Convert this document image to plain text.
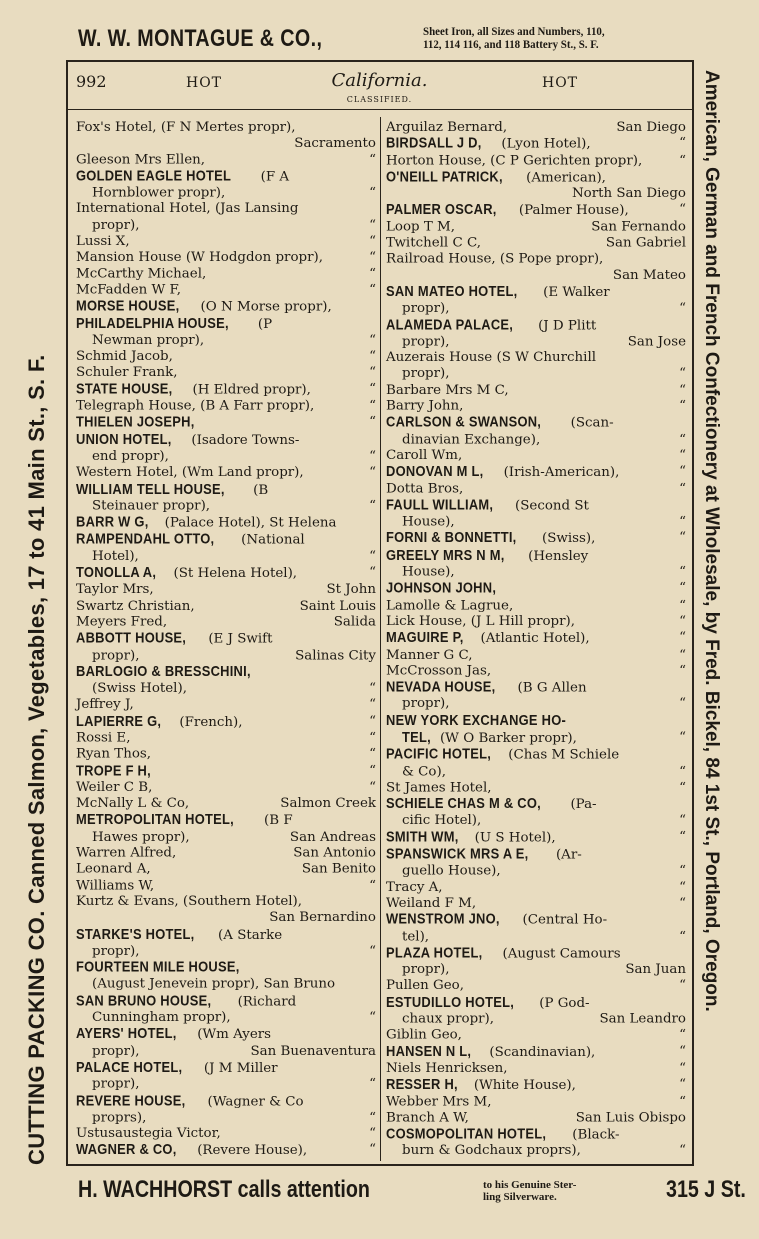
W. W. MONTAGUE & CO.,	Sheet Iron, all Sizes and Numbers, 110,
112, 114 116, and 118 Battery St., S. F.
CUTTING PACKING CO. Canned Salmon, Vegetables, 17 to 41 Main St., S. F.	American, German and French Confectionery at Wholesale, by Fred. Bickel, 84 1st St., Portland, Oregon.
992	HOT	California.	HOT
CLASSIFIED.
Fox's Hotel, (F N Mertes propr),
Sacramento
Gleeson Mrs Ellen,	“
GOLDEN EAGLE HOTEL (F A
Hornblower propr),	“
International Hotel, (Jas Lansing
propr),	“
Lussi X,	“
Mansion House (W Hodgdon propr),	“
McCarthy Michael,	“
McFadden W F,	“
MORSE HOUSE, (O N Morse propr),
PHILADELPHIA HOUSE, (P
Newman propr),	“
Schmid Jacob,	“
Schuler Frank,	“
STATE HOUSE, (H Eldred propr),	“
Telegraph House, (B A Farr propr),	“
THIELEN JOSEPH,	“
UNION HOTEL, (Isadore Towns-
end propr),	“
Western Hotel, (Wm Land propr),	“
WILLIAM TELL HOUSE, (B
Steinauer propr),	“
BARR W G, (Palace Hotel), St Helena
RAMPENDAHL OTTO, (National
Hotel),	“
TONOLLA A, (St Helena Hotel),	“
Taylor Mrs,	St John
Swartz Christian,	Saint Louis
Meyers Fred,	Salida
ABBOTT HOUSE, (E J Swift
propr),	Salinas City
BARLOGIO & BRESSCHINI,
(Swiss Hotel),	“
Jeffrey J,	“
LAPIERRE G, (French),	“
Rossi E,	“
Ryan Thos,	“
TROPE F H,	“
Weiler C B,	“
McNally L & Co,	Salmon Creek
METROPOLITAN HOTEL, (B F
Hawes propr),	San Andreas
Warren Alfred,	San Antonio
Leonard A,	San Benito
Williams W,	“
Kurtz & Evans, (Southern Hotel),
San Bernardino
STARKE'S HOTEL, (A Starke
propr),	“
FOURTEEN MILE HOUSE,
(August Jenevein propr), San Bruno
SAN BRUNO HOUSE, (Richard
Cunningham propr),	“
AYERS' HOTEL, (Wm Ayers
propr),	San Buenaventura
PALACE HOTEL, (J M Miller
propr),	“
REVERE HOUSE, (Wagner & Co
proprs),	“
Ustusaustegia Victor,	“
WAGNER & CO, (Revere House),	“
Arguilaz Bernard,	San Diego
BIRDSALL J D, (Lyon Hotel),	“
Horton House, (C P Gerichten propr),	“
O'NEILL PATRICK, (American),
North San Diego
PALMER OSCAR, (Palmer House),	“
Loop T M,	San Fernando
Twitchell C C,	San Gabriel
Railroad House, (S Pope propr),
San Mateo
SAN MATEO HOTEL, (E Walker
propr),	“
ALAMEDA PALACE, (J D Plitt
propr),	San Jose
Auzerais House (S W Churchill
propr),	“
Barbare Mrs M C,	“
Barry John,	“
CARLSON & SWANSON, (Scan-
dinavian Exchange),	“
Caroll Wm,	“
DONOVAN M L, (Irish-American),	“
Dotta Bros,	“
FAULL WILLIAM, (Second St
House),	“
FORNI & BONNETTI, (Swiss),	“
GREELY MRS N M, (Hensley
House),	“
JOHNSON JOHN,	“
Lamolle & Lagrue,	“
Lick House, (J L Hill propr),	“
MAGUIRE P, (Atlantic Hotel),	“
Manner G C,	“
McCrosson Jas,	“
NEVADA HOUSE, (B G Allen
propr),	“
NEW YORK EXCHANGE HO-
TEL, (W O Barker propr),	“
PACIFIC HOTEL, (Chas M Schiele
& Co),	“
St James Hotel,	“
SCHIELE CHAS M & CO, (Pa-
cific Hotel),	“
SMITH WM, (U S Hotel),	“
SPANSWICK MRS A E, (Ar-
guello House),	“
Tracy A,	“
Weiland F M,	“
WENSTROM JNO, (Central Ho-
tel),	“
PLAZA HOTEL, (August Camours
propr),	San Juan
Pullen Geo,	“
ESTUDILLO HOTEL, (P God-
chaux propr),	San Leandro
Giblin Geo,	“
HANSEN N L, (Scandinavian),	“
Niels Henricksen,	“
RESSER H, (White House),	“
Webber Mrs M,	“
Branch A W,	San Luis Obispo
COSMOPOLITAN HOTEL, (Black-
burn & Godchaux proprs),	“
H. WACHHORST calls attention	to his Genuine Ster-
ling Silverware.	315 J St.
